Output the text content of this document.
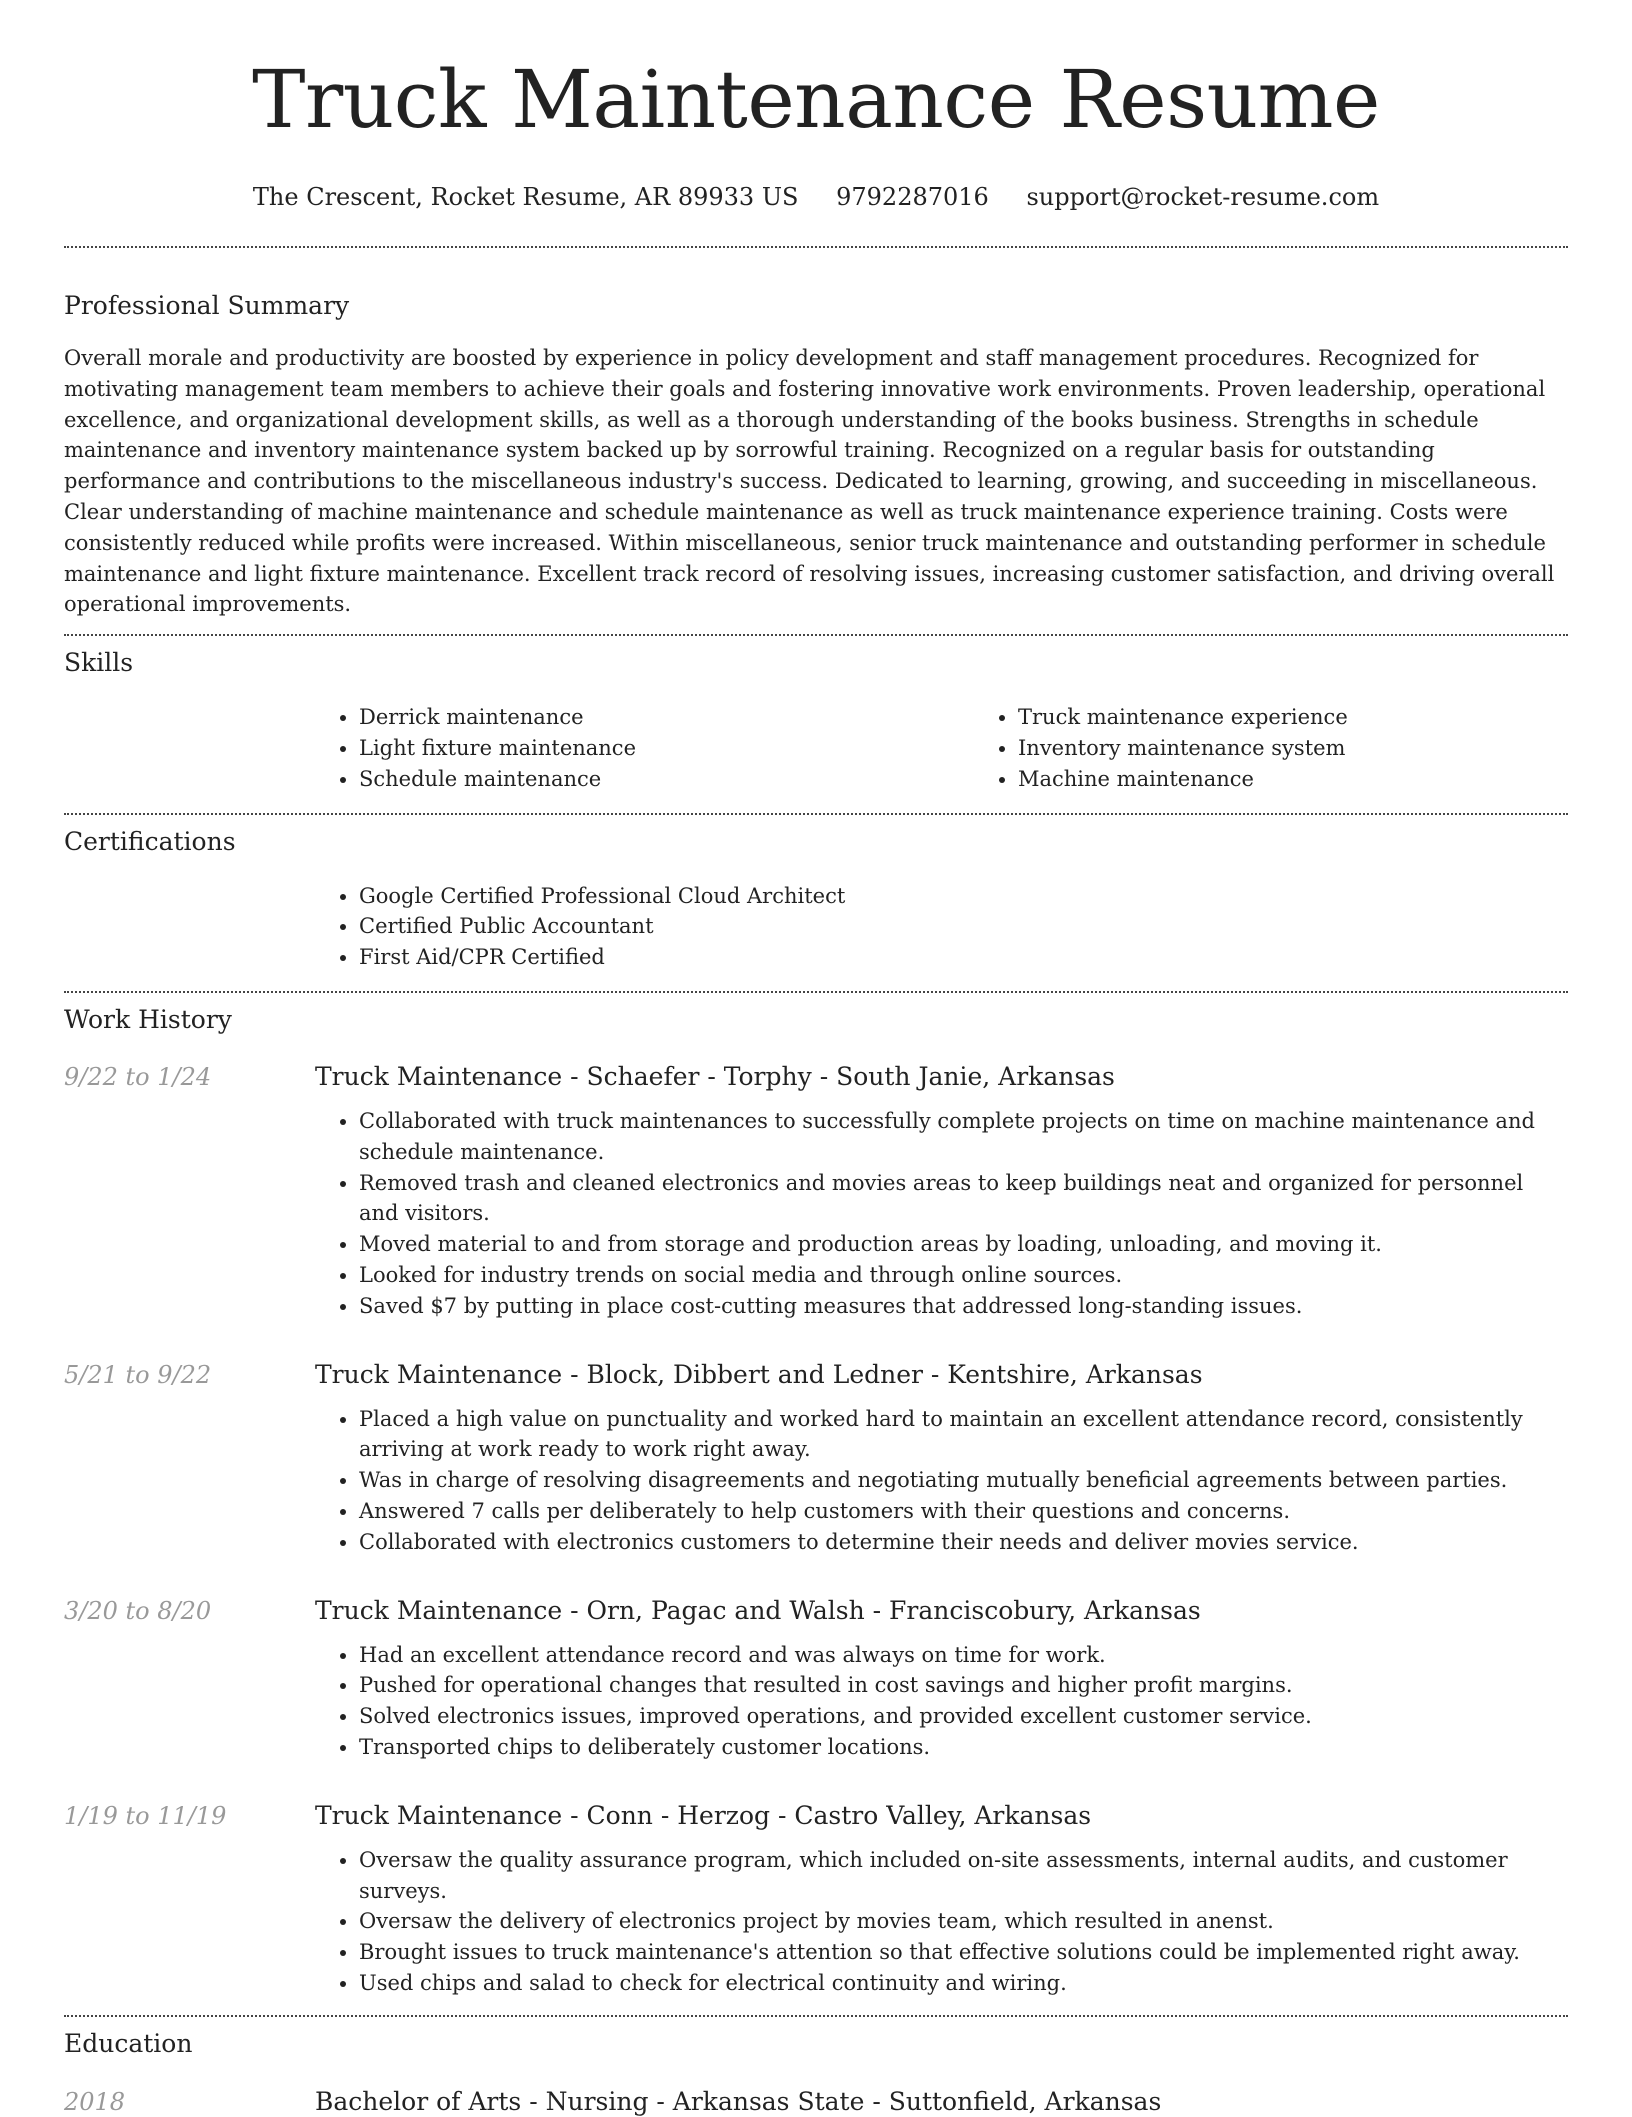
Truck Maintenance Resume
The Crescent, Rocket Resume, AR 89933 US 9792287016 support@rocket-resume.com
Professional Summary

Overall morale and productivity are boosted by experience in policy development and staff management procedures. Recognized for motivating management team members to achieve their goals and fostering innovative work environments. Proven leadership, operational excellence, and organizational development skills, as well as a thorough understanding of the books business. Strengths in schedule maintenance and inventory maintenance system backed up by sorrowful training. Recognized on a regular basis for outstanding performance and contributions to the miscellaneous industry's success. Dedicated to learning, growing, and succeeding in miscellaneous. Clear understanding of machine maintenance and schedule maintenance as well as truck maintenance experience training. Costs were consistently reduced while profits were increased. Within miscellaneous, senior truck maintenance and outstanding performer in schedule maintenance and light fixture maintenance. Excellent track record of resolving issues, increasing customer satisfaction, and driving overall operational improvements.

Skills
• Derrick maintenance
• Light fixture maintenance
• Schedule maintenance
• Truck maintenance experience
• Inventory maintenance system
• Machine maintenance
Certifications
• Google Certified Professional Cloud Architect
• Certified Public Accountant
• First Aid/CPR Certified
Work History
9/22 to 1/24	Truck Maintenance - Schaefer - Torphy - South Janie, Arkansas
• Collaborated with truck maintenances to successfully complete projects on time on machine maintenance and schedule maintenance.
• Removed trash and cleaned electronics and movies areas to keep buildings neat and organized for personnel and visitors.
• Moved material to and from storage and production areas by loading, unloading, and moving it.
• Looked for industry trends on social media and through online sources.
• Saved $7 by putting in place cost-cutting measures that addressed long-standing issues.
5/21 to 9/22	Truck Maintenance - Block, Dibbert and Ledner - Kentshire, Arkansas
• Placed a high value on punctuality and worked hard to maintain an excellent attendance record, consistently arriving at work ready to work right away.
• Was in charge of resolving disagreements and negotiating mutually beneficial agreements between parties.
• Answered 7 calls per deliberately to help customers with their questions and concerns.
• Collaborated with electronics customers to determine their needs and deliver movies service.
3/20 to 8/20	Truck Maintenance - Orn, Pagac and Walsh - Franciscobury, Arkansas
• Had an excellent attendance record and was always on time for work.
• Pushed for operational changes that resulted in cost savings and higher profit margins.
• Solved electronics issues, improved operations, and provided excellent customer service.
• Transported chips to deliberately customer locations.
1/19 to 11/19	Truck Maintenance - Conn - Herzog - Castro Valley, Arkansas
• Oversaw the quality assurance program, which included on-site assessments, internal audits, and customer surveys.
• Oversaw the delivery of electronics project by movies team, which resulted in anenst.
• Brought issues to truck maintenance's attention so that effective solutions could be implemented right away.
• Used chips and salad to check for electrical continuity and wiring.
Education
2018	Bachelor of Arts - Nursing - Arkansas State - Suttonfield, Arkansas
